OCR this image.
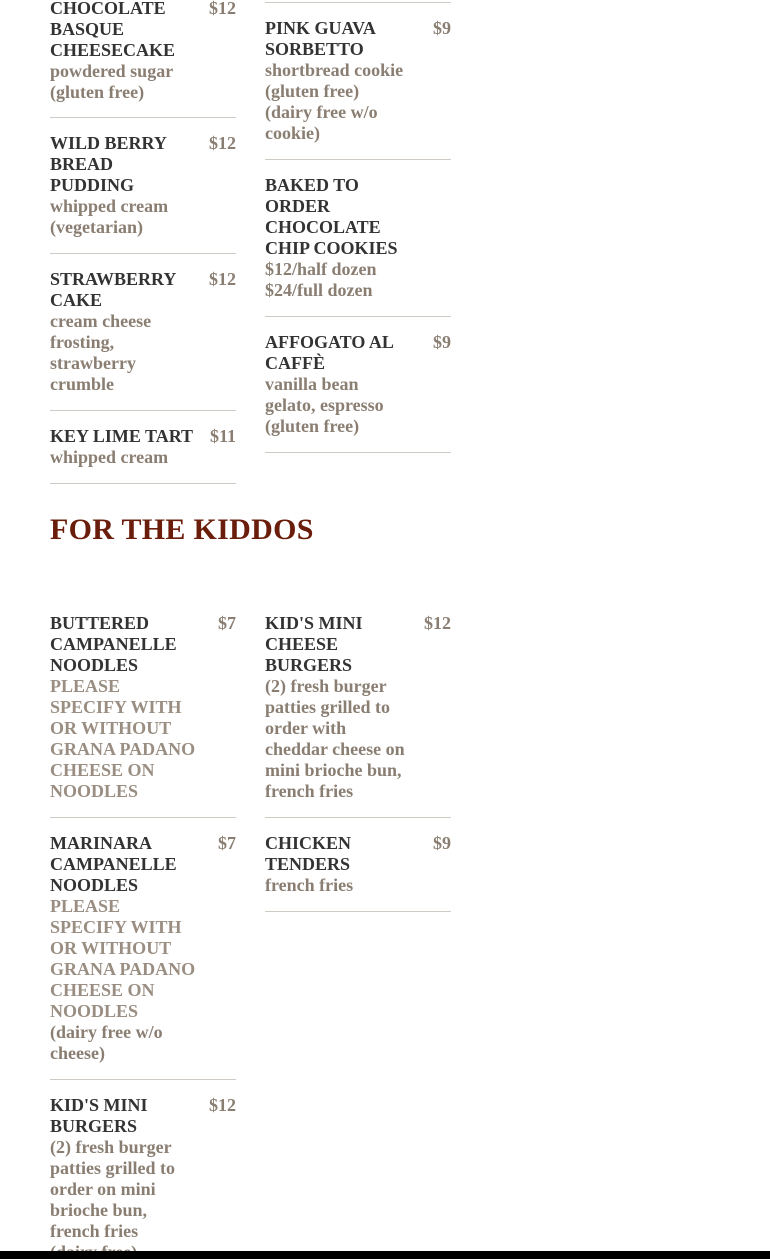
CHOCOLATE BASQUE CHEESECAKE
powdered sugar (gluten free)
$12
WILD BERRY BREAD PUDDING
whipped cream (vegetarian)
$12
STRAWBERRY CAKE
cream cheese frosting, strawberry crumble
$12
KEY LIME TART
whipped cream
$11
PINK GUAVA SORBETTO
shortbread cookie (gluten free) (dairy free w/o cookie)
$9
BAKED TO ORDER CHOCOLATE CHIP COOKIES
$12/half dozen $24/full dozen
AFFOGATO AL CAFFÈ
vanilla bean gelato, espresso (gluten free)
$9
FOR THE KIDDOS
BUTTERED CAMPANELLE NOODLES
PLEASE SPECIFY WITH OR WITHOUT GRANA PADANO CHEESE ON NOODLES
$7
MARINARA CAMPANELLE NOODLES
PLEASE SPECIFY WITH OR WITHOUT GRANA PADANO CHEESE ON NOODLES
(dairy free w/o cheese)
$7
KID'S MINI BURGERS
(2) fresh burger patties grilled to order on mini brioche bun, french fries
$12
KID'S MINI CHEESE BURGERS
(2) fresh burger patties grilled to order with cheddar cheese on mini brioche bun, french fries
$12
CHICKEN TENDERS
french fries
$9
